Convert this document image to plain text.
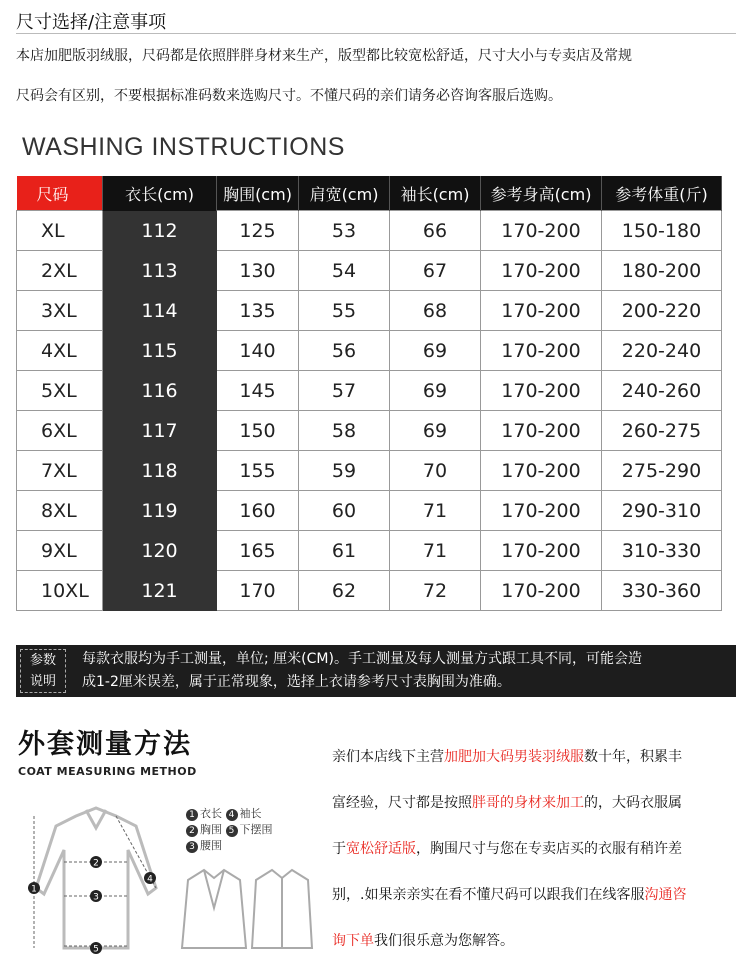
尺寸选择/注意事项
本店加肥版羽绒服，尺码都是依照胖胖身材来生产，版型都比较宽松舒适，尺寸大小与专卖店及常规
尺码会有区别，不要根据标准码数来选购尺寸。不懂尺码的亲们请务必咨询客服后选购。
WASHING INSTRUCTIONS
尺码	衣长(cm)	胸围(cm)	肩宽(cm)	袖长(cm)	参考身高(cm)	参考体重(斤)
XL	112	125	53	66	170-200	150-180
2XL	113	130	54	67	170-200	180-200
3XL	114	135	55	68	170-200	200-220
4XL	115	140	56	69	170-200	220-240
5XL	116	145	57	69	170-200	240-260
6XL	117	150	58	69	170-200	260-275
7XL	118	155	59	70	170-200	275-290
8XL	119	160	60	71	170-200	290-310
9XL	120	165	61	71	170-200	310-330
10XL	121	170	62	72	170-200	330-360
参数
说明
每款衣服均为手工测量，单位; 厘米(CM)。手工测量及每人测量方式跟工具不同，可能会造
成1-2厘米误差，属于正常现象，选择上衣请参考尺寸表胸围为准确。
外套测量方法
COAT MEASURING METHOD
1
2
3
4
5
1 衣长 4 袖长
2 胸围 5 下摆围
3 腰围
亲们本店线下主营加肥加大码男装羽绒服数十年，积累丰
富经验，尺寸都是按照胖哥的身材来加工的，大码衣服属
于宽松舒适版，胸围尺寸与您在专卖店买的衣服有稍许差
别，.如果亲亲实在看不懂尺码可以跟我们在线客服沟通咨
询下单我们很乐意为您解答。
